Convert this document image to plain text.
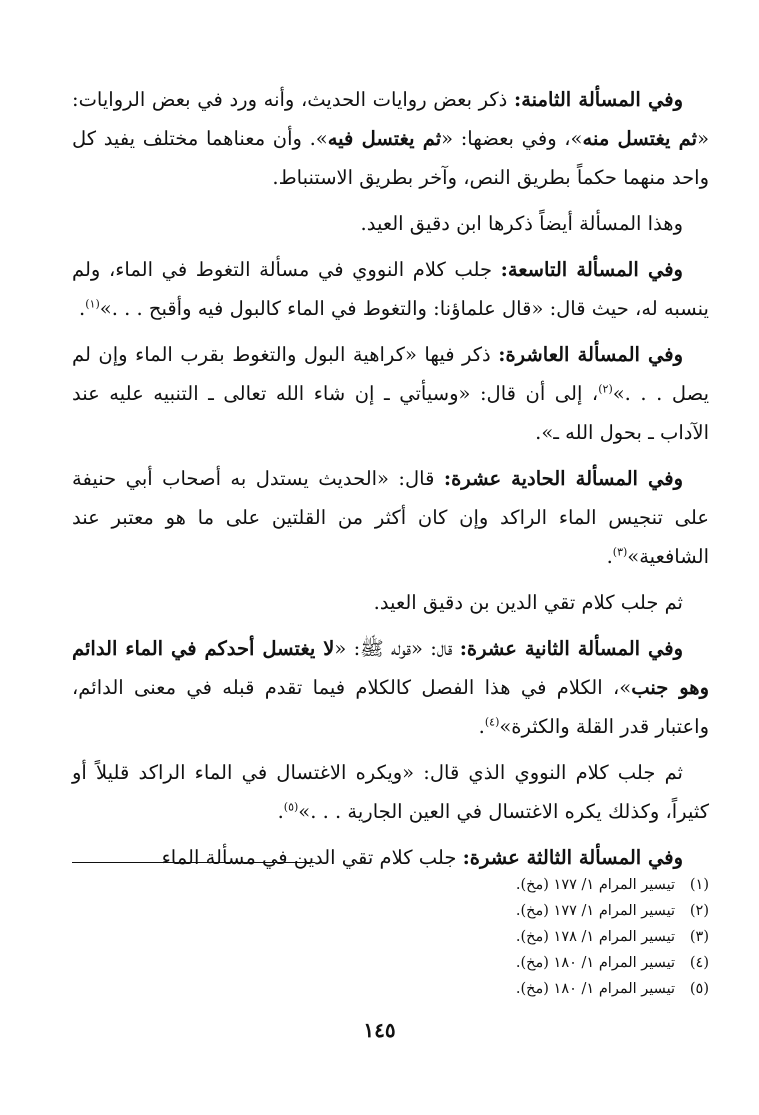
وفي المسألة الثامنة: ذكر بعض روايات الحديث، وأنه ورد في بعض الروايات: «ثم يغتسل منه»، وفي بعضها: «ثم يغتسل فيه». وأن معناهما مختلف يفيد كل واحد منهما حكماً بطريق النص، وآخر بطريق الاستنباط.

وهذا المسألة أيضاً ذكرها ابن دقيق العيد.

وفي المسألة التاسعة: جلب كلام النووي في مسألة التغوط في الماء، ولم ينسبه له، حيث قال: «قال علماؤنا: والتغوط في الماء كالبول فيه وأقبح . . .»$^{(١)}$.

وفي المسألة العاشرة: ذكر فيها «كراهية البول والتغوط بقرب الماء وإن لم يصل . . .»$^{(٢)}$، إلى أن قال: «وسيأتي ـ إن شاء الله تعالى ـ التنبيه عليه عند الآداب ـ بحول الله ـ».

وفي المسألة الحادية عشرة: قال: «الحديث يستدل به أصحاب أبي حنيفة على تنجيس الماء الراكد وإن كان أكثر من القلتين على ما هو معتبر عند الشافعية»$^{(٣)}$.

ثم جلب كلام تقي الدين بن دقيق العيد.

وفي المسألة الثانية عشرة: قال: «قوله ﷺ: «لا يغتسل أحدكم في الماء الدائم وهو جنب»، الكلام في هذا الفصل كالكلام فيما تقدم قبله في معنى الدائم، واعتبار قدر القلة والكثرة»$^{(٤)}$.

ثم جلب كلام النووي الذي قال: «ويكره الاغتسال في الماء الراكد قليلاً أو كثيراً، وكذلك يكره الاغتسال في العين الجارية . . .»$^{(٥)}$.

وفي المسألة الثالثة عشرة: جلب كلام تقي الدين في مسألة الماء

(١)تيسير المرام ١/ ١٧٧ (مخ).

(٢)تيسير المرام ١/ ١٧٧ (مخ).

(٣)تيسير المرام ١/ ١٧٨ (مخ).

(٤)تيسير المرام ١/ ١٨٠ (مخ).

(٥)تيسير المرام ١/ ١٨٠ (مخ).

١٤٥
